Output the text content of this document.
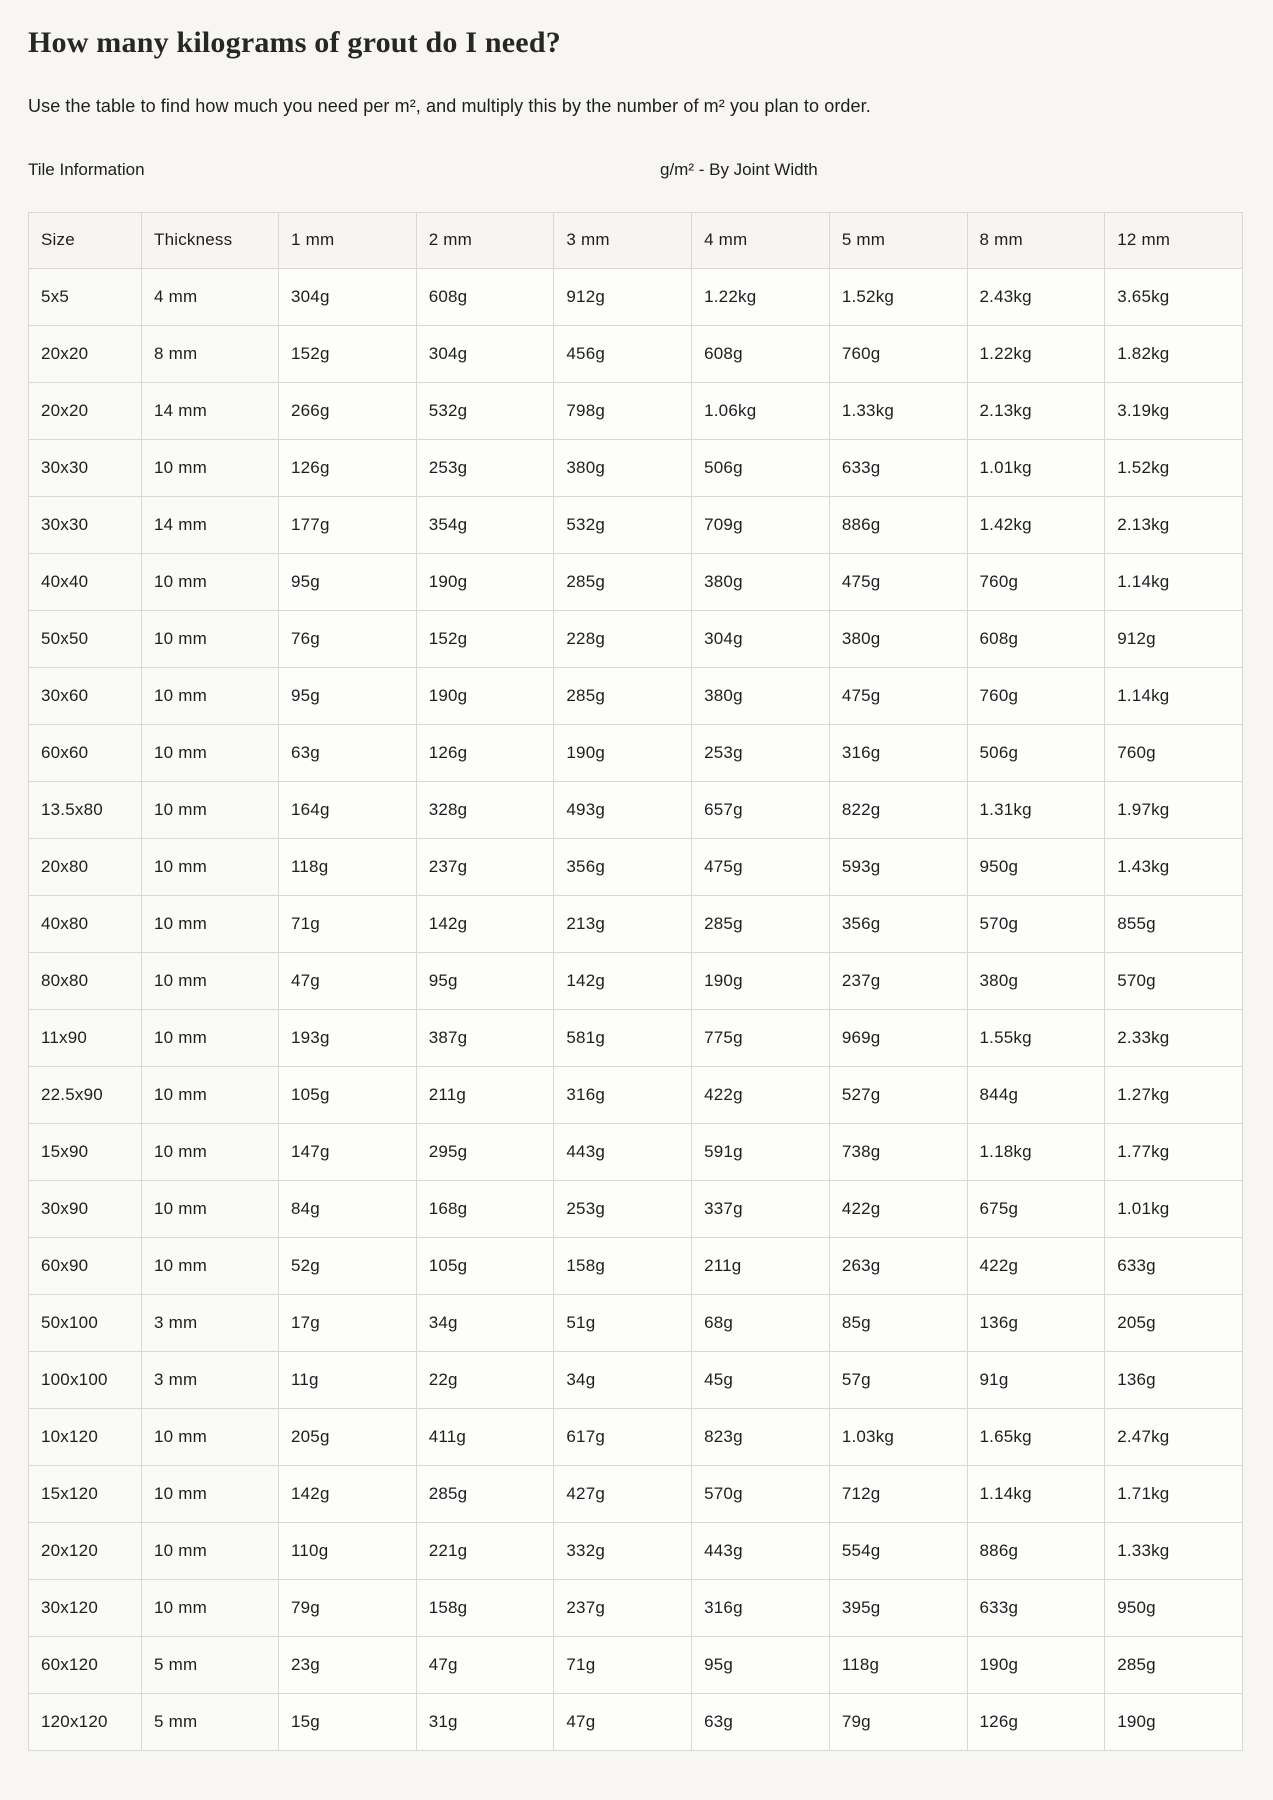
How many kilograms of grout do I need?

Use the table to find how much you need per m², and multiply this by the number of m² you plan to order.

Tile Information	g/m² - By Joint Width
Size	Thickness	1 mm	2 mm	3 mm	4 mm	5 mm	8 mm	12 mm
5x5	4 mm	304g	608g	912g	1.22kg	1.52kg	2.43kg	3.65kg
20x20	8 mm	152g	304g	456g	608g	760g	1.22kg	1.82kg
20x20	14 mm	266g	532g	798g	1.06kg	1.33kg	2.13kg	3.19kg
30x30	10 mm	126g	253g	380g	506g	633g	1.01kg	1.52kg
30x30	14 mm	177g	354g	532g	709g	886g	1.42kg	2.13kg
40x40	10 mm	95g	190g	285g	380g	475g	760g	1.14kg
50x50	10 mm	76g	152g	228g	304g	380g	608g	912g
30x60	10 mm	95g	190g	285g	380g	475g	760g	1.14kg
60x60	10 mm	63g	126g	190g	253g	316g	506g	760g
13.5x80	10 mm	164g	328g	493g	657g	822g	1.31kg	1.97kg
20x80	10 mm	118g	237g	356g	475g	593g	950g	1.43kg
40x80	10 mm	71g	142g	213g	285g	356g	570g	855g
80x80	10 mm	47g	95g	142g	190g	237g	380g	570g
11x90	10 mm	193g	387g	581g	775g	969g	1.55kg	2.33kg
22.5x90	10 mm	105g	211g	316g	422g	527g	844g	1.27kg
15x90	10 mm	147g	295g	443g	591g	738g	1.18kg	1.77kg
30x90	10 mm	84g	168g	253g	337g	422g	675g	1.01kg
60x90	10 mm	52g	105g	158g	211g	263g	422g	633g
50x100	3 mm	17g	34g	51g	68g	85g	136g	205g
100x100	3 mm	11g	22g	34g	45g	57g	91g	136g
10x120	10 mm	205g	411g	617g	823g	1.03kg	1.65kg	2.47kg
15x120	10 mm	142g	285g	427g	570g	712g	1.14kg	1.71kg
20x120	10 mm	110g	221g	332g	443g	554g	886g	1.33kg
30x120	10 mm	79g	158g	237g	316g	395g	633g	950g
60x120	5 mm	23g	47g	71g	95g	118g	190g	285g
120x120	5 mm	15g	31g	47g	63g	79g	126g	190g
